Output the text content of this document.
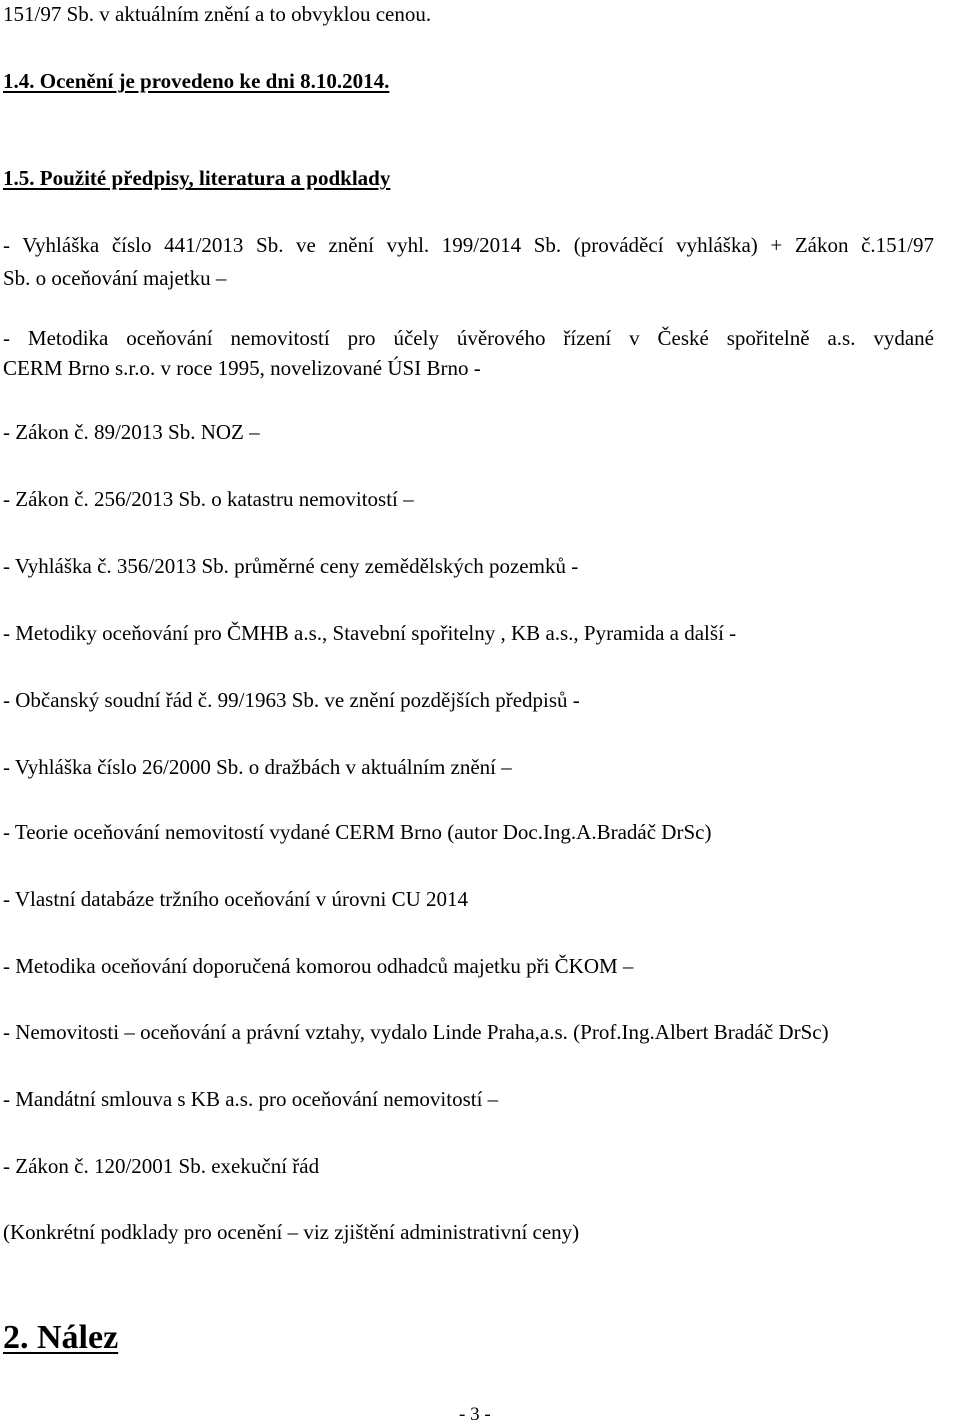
151/97 Sb. v aktuálním znění a to obvyklou cenou.
1.4. Ocenění je provedeno ke dni 8.10.2014.
1.5. Použité předpisy, literatura a podklady
- Vyhláška číslo 441/2013 Sb. ve znění vyhl. 199/2014 Sb. (prováděcí vyhláška) + Zákon č.151/97
Sb. o oceňování majetku –
- Metodika oceňování nemovitostí pro účely úvěrového řízení v České spořitelně a.s. vydané
CERM Brno s.r.o. v roce 1995, novelizované ÚSI Brno -
- Zákon č. 89/2013 Sb. NOZ –
- Zákon č. 256/2013 Sb. o katastru nemovitostí –
- Vyhláška č. 356/2013 Sb. průměrné ceny zemědělských pozemků -
- Metodiky oceňování pro ČMHB a.s., Stavební spořitelny , KB a.s., Pyramida a další -
- Občanský soudní řád č. 99/1963 Sb. ve znění pozdějších předpisů -
- Vyhláška číslo 26/2000 Sb. o dražbách v aktuálním znění –
- Teorie oceňování nemovitostí vydané CERM Brno (autor Doc.Ing.A.Bradáč DrSc)
- Vlastní databáze tržního oceňování v úrovni CU 2014
- Metodika oceňování doporučená komorou odhadců majetku při ČKOM –
- Nemovitosti – oceňování a právní vztahy, vydalo Linde Praha,a.s. (Prof.Ing.Albert Bradáč DrSc)
- Mandátní smlouva s KB a.s. pro oceňování nemovitostí –
- Zákon č. 120/2001 Sb. exekuční řád
(Konkrétní podklady pro ocenění – viz zjištění administrativní ceny)
2. Nález
- 3 -
